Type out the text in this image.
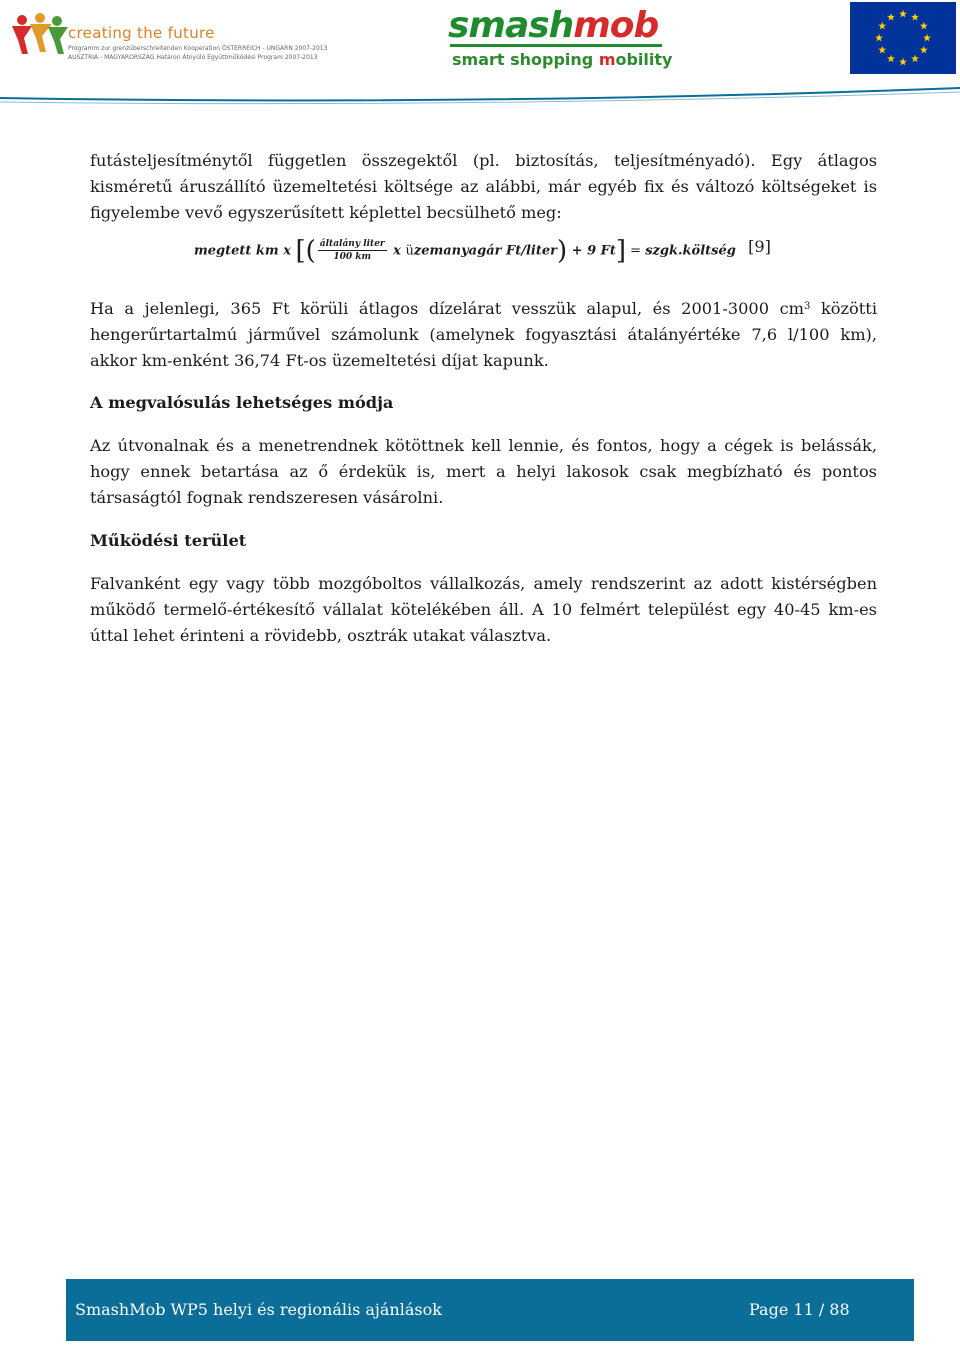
creating the future
Programm zur grenzüberschreitenden Kooperation ÖSTERREICH - UNGARN 2007-2013
AUSZTRIA - MAGYARORSZÁG Határon Átnyúló Együttműködési Program 2007-2013
smashmob
smart shopping mobility

futásteljesítménytől független összegektől (pl. biztosítás, teljesítményadó). Egy átlagos kisméretű áruszállító üzemeltetési költsége az alábbi, már egyéb fix és változó költségeket is figyelembe vevő egyszerűsített képlettel becsülhető meg:

megtett km x [( $\frac{\text{általány liter}}{100 km}$ x üzemanyagár Ft/liter) + 9 Ft] = szgk.költség [9]

Ha a jelenlegi, 365 Ft körüli átlagos dízelárat vesszük alapul, és 2001-3000 $cm^3$ közötti hengerűrtartalmú járművel számolunk (amelynek fogyasztási átalányértéke 7,6 l/100 km), akkor km-enként 36,74 Ft-os üzemeltetési díjat kapunk.

A megvalósulás lehetséges módja

Az útvonalnak és a menetrendnek kötöttnek kell lennie, és fontos, hogy a cégek is belássák, hogy ennek betartása az ő érdekük is, mert a helyi lakosok csak megbízható és pontos társaságtól fognak rendszeresen vásárolni.

Működési terület

Falvanként egy vagy több mozgóboltos vállalkozás, amely rendszerint az adott kistérségben működő termelő-értékesítő vállalat kötelékében áll. A 10 felmért települést egy 40-45 km-es úttal lehet érinteni a rövidebb, osztrák utakat választva.

SmashMob WP5 helyi és regionális ajánlások	Page 11 / 88
